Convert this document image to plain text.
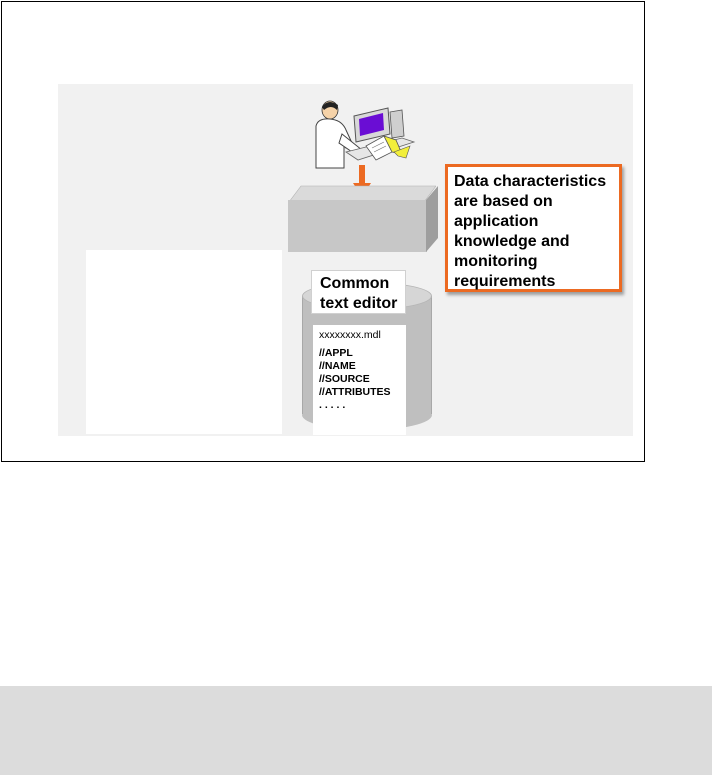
Common
text editor
xxxxxxxx.mdl
//APPL
//NAME
//SOURCE
//ATTRIBUTES
. . . . .
Data characteristics
are based on
application
knowledge and
monitoring
requirements
